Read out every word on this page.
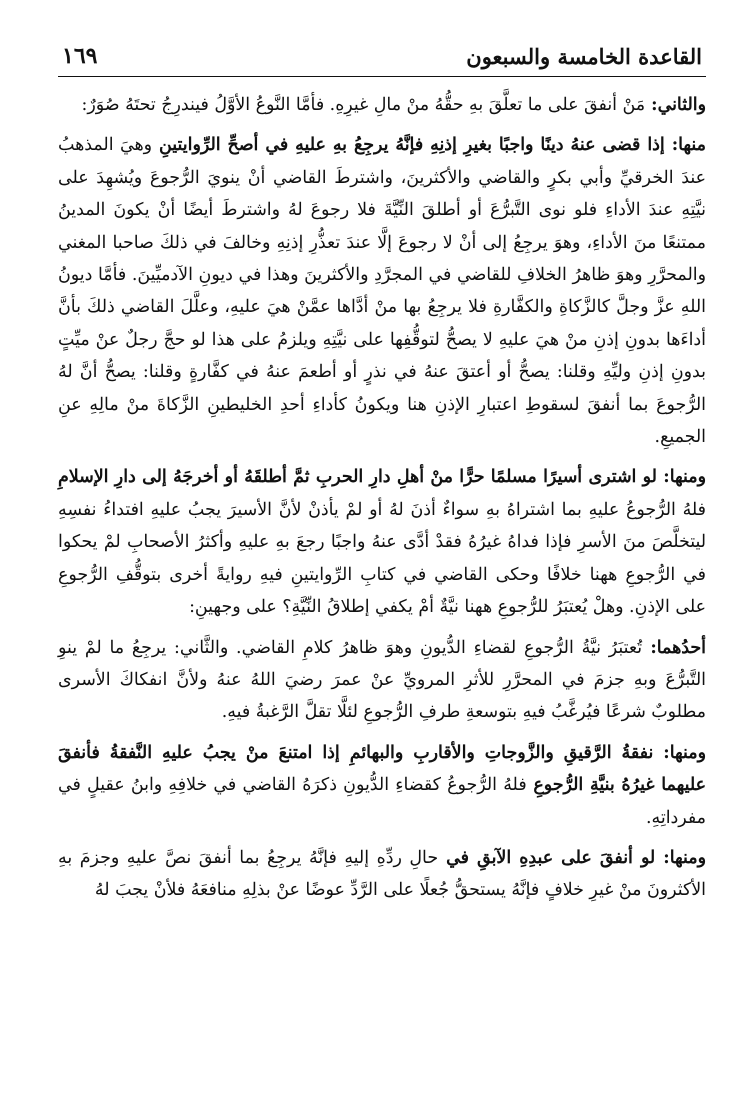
القاعدة الخامسة والسبعون
١٦٩

والثاني: مَنْ أنفقَ على ما تعلَّقَ بهِ حقُّهُ منْ مالِ غيرِهِ. فأمَّا النَّوعُ الأوَّلُ فيندرِجُ تحتَهُ صُوَرٌ:

منها: إذا قضى عنهُ دينًا واجبًا بغيرِ إذنِهِ فإنَّهُ يرجِعُ بهِ عليهِ في أصحِّ الرِّوايتينِ وهيَ المذهبُ عندَ الخرقيِّ وأبي بكرٍ والقاضي والأكثرينَ، واشترطَ القاضي أنْ ينويَ الرُّجوعَ ويُشهِدَ على نيَّتِهِ عندَ الأداءِ فلو نوى التَّبرُّعَ أو أطلقَ النِّيَّةَ فلا رجوعَ لهُ واشترطَ أيضًا أنْ يكونَ المدينُ ممتنعًا منَ الأداءِ، وهوَ يرجِعُ إلى أنْ لا رجوعَ إلَّا عندَ تعذُّرِ إذنِهِ وخالفَ في ذلكَ صاحبا المغني والمحرَّرِ وهوَ ظاهرُ الخلافِ للقاضي في المجرَّدِ والأكثرينَ وهذا في ديونِ الآدميِّينَ. فأمَّا ديونُ اللهِ عزَّ وجلَّ كالزَّكاةِ والكفَّارةِ فلا يرجِعُ بها منْ أدَّاها عمَّنْ هيَ عليهِ، وعلَّلَ القاضي ذلكَ بأنَّ أداءَها بدونِ إذنِ منْ هيَ عليهِ لا يصحُّ لتوقُّفِها على نيَّتِهِ ويلزمُ على هذا لو حجَّ رجلٌ عنْ ميِّتٍ بدونِ إذنِ وليِّهِ وقلنا: يصحُّ أو أعتقَ عنهُ في نذرٍ أو أطعمَ عنهُ في كفَّارةٍ وقلنا: يصحُّ أنَّ لهُ الرُّجوعَ بما أنفقَ لسقوطِ اعتبارِ الإذنِ هنا ويكونُ كأداءِ أحدِ الخليطينِ الزَّكاةَ منْ مالِهِ عنِ الجميعِ.

ومنها: لو اشترى أسيرًا مسلمًا حرًّا منْ أهلِ دارِ الحربِ ثمَّ أطلقَهُ أو أخرجَهُ إلى دارِ الإسلامِ فلهُ الرُّجوعُ عليهِ بما اشتراهُ بهِ سواءٌ أذنَ لهُ أو لمْ يأذنْ لأنَّ الأسيرَ يجبُ عليهِ افتداءُ نفسِهِ ليتخلَّصَ منَ الأسرِ فإذا فداهُ غيرُهُ فقدْ أدَّى عنهُ واجبًا رجعَ بهِ عليهِ وأكثرُ الأصحابِ لمْ يحكوا في الرُّجوعِ ههنا خلافًا وحكى القاضي في كتابِ الرِّوايتينِ فيهِ روايةً أخرى بتوقُّفِ الرُّجوعِ على الإذنِ. وهلْ يُعتبَرُ للرُّجوعِ ههنا نيَّةٌ أمْ يكفي إطلاقُ النِّيَّةِ؟ على وجهينِ:

أحدُهما: تُعتبَرُ نيَّةُ الرُّجوعِ لقضاءِ الدُّيونِ وهوَ ظاهرُ كلامِ القاضي. والثَّاني: يرجِعُ ما لمْ ينوِ التَّبرُّعَ وبهِ جزمَ في المحرَّرِ للأثرِ المرويِّ عنْ عمرَ رضيَ اللهُ عنهُ ولأنَّ انفكاكَ الأسرى مطلوبٌ شرعًا فيُرغَّبُ فيهِ بتوسعةِ طرفِ الرُّجوعِ لئلَّا تقلَّ الرَّغبةُ فيهِ.

ومنها: نفقةُ الرَّقيقِ والزَّوجاتِ والأقاربِ والبهائمِ إذا امتنعَ منْ يجبُ عليهِ النَّفقةُ فأنفقَ عليهما غيرُهُ بنيَّةِ الرُّجوعِ فلهُ الرُّجوعُ كقضاءِ الدُّيونِ ذكرَهُ القاضي في خلافِهِ وابنُ عقيلٍ في مفرداتِهِ.

ومنها: لو أنفقَ على عبدِهِ الآبقِ في حالِ ردِّهِ إليهِ فإنَّهُ يرجِعُ بما أنفقَ نصَّ عليهِ وجزمَ بهِ الأكثرونَ منْ غيرِ خلافٍ فإنَّهُ يستحقُّ جُعلًا على الرَّدِّ عوضًا عنْ بذلِهِ منافعَهُ فلأنْ يجبَ لهُ
